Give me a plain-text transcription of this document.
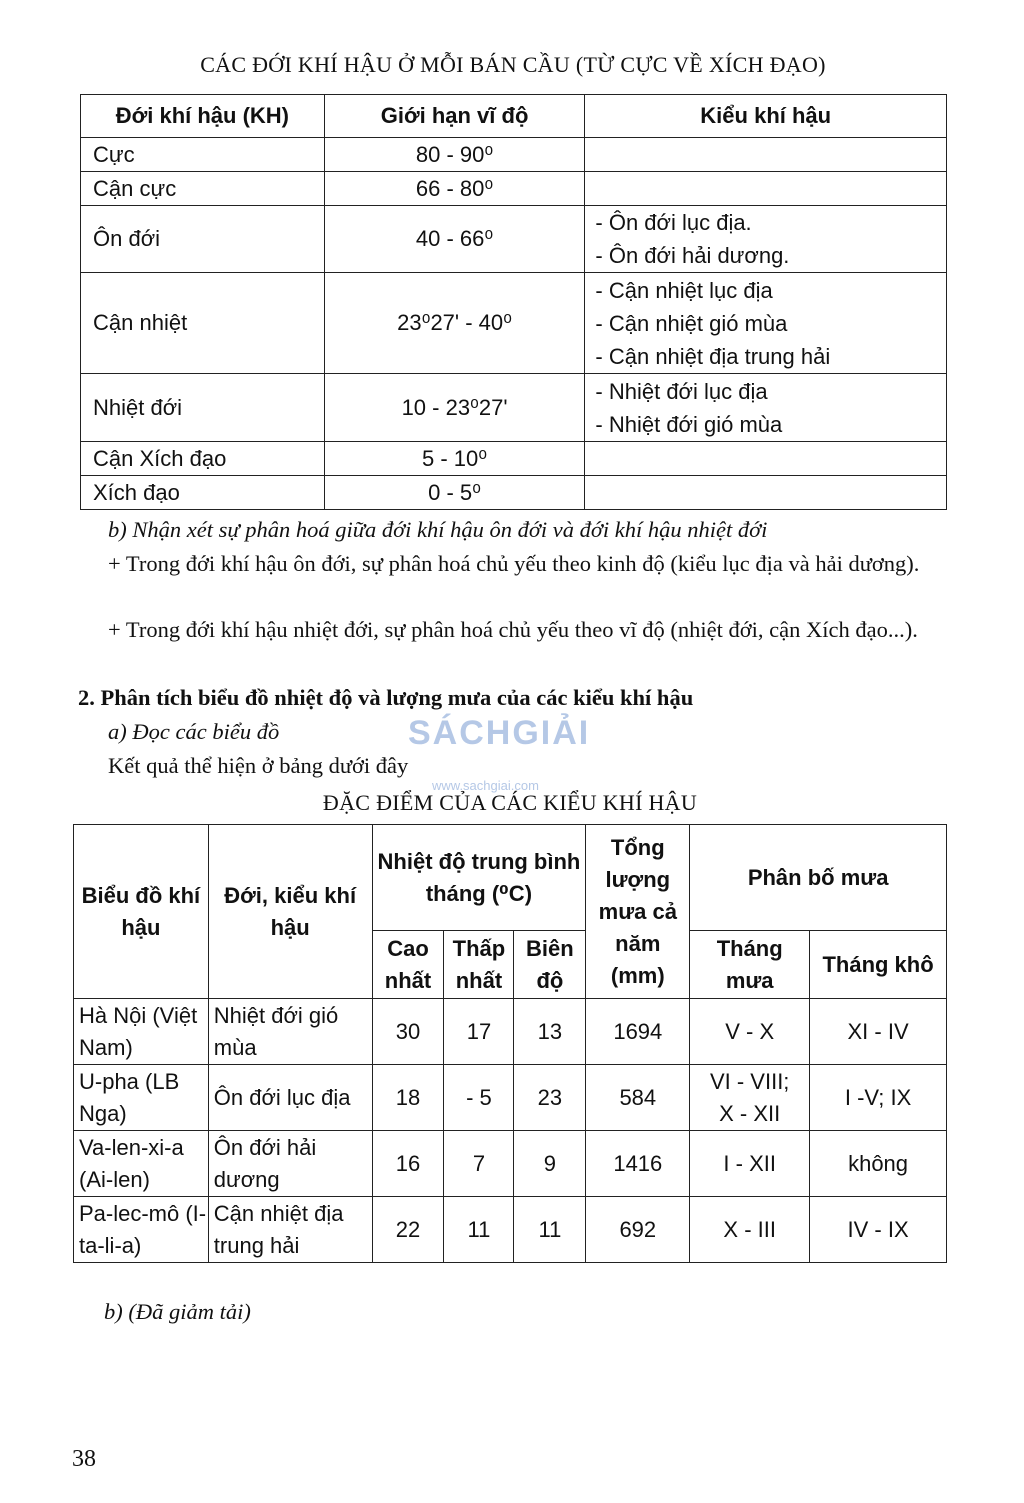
CÁC ĐỚI KHÍ HẬU Ở MỖI BÁN CẦU (TỪ CỰC VỀ XÍCH ĐẠO)
Đới khí hậu (KH)	Giới hạn vĩ độ	Kiểu khí hậu
Cực	80 - 90⁰	
Cận cực	66 - 80⁰	
Ôn đới	40 - 66⁰	- Ôn đới lục địa.
- Ôn đới hải dương.

Cận nhiệt	23⁰27' - 40⁰	- Cận nhiệt lục địa
- Cận nhiệt gió mùa
- Cận nhiệt địa trung hải

Nhiệt đới	10 - 23⁰27'	- Nhiệt đới lục địa
- Nhiệt đới gió mùa

Cận Xích đạo	5 - 10⁰	
Xích đạo	0 - 5⁰	
b) Nhận xét sự phân hoá giữa đới khí hậu ôn đới và đới khí hậu nhiệt đới
+ Trong đới khí hậu ôn đới, sự phân hoá chủ yếu theo kinh độ (kiểu lục địa và hải dương).
+ Trong đới khí hậu nhiệt đới, sự phân hoá chủ yếu theo vĩ độ (nhiệt đới, cận Xích đạo...).
2. Phân tích biểu đồ nhiệt độ và lượng mưa của các kiểu khí hậu
a) Đọc các biểu đồ
Kết quả thể hiện ở bảng dưới đây
SÁCHGIẢI
www.sachgiai.com
ĐẶC ĐIỂM CỦA CÁC KIỂU KHÍ HẬU
Biểu đồ khí hậu	Đới, kiểu khí hậu	Nhiệt độ trung bình tháng (⁰C)			Tổng lượng mưa cả năm (mm)	Phân bố mưa	
		Cao nhất	Thấp nhất	Biên độ		Tháng mưa	Tháng khô
Hà Nội (Việt Nam)	Nhiệt đới gió mùa	30	17	13	1694	V - X	XI - IV
U-pha (LB Nga)	Ôn đới lục địa	18	- 5	23	584	VI - VIII; X - XII	I -V; IX
Va-len-xi-a (Ai-len)	Ôn đới hải dương	16	7	9	1416	I - XII	không
Pa-lec-mô (I-ta-li-a)	Cận nhiệt địa trung hải	22	11	11	692	X - III	IV - IX
b) (Đã giảm tải)
38
